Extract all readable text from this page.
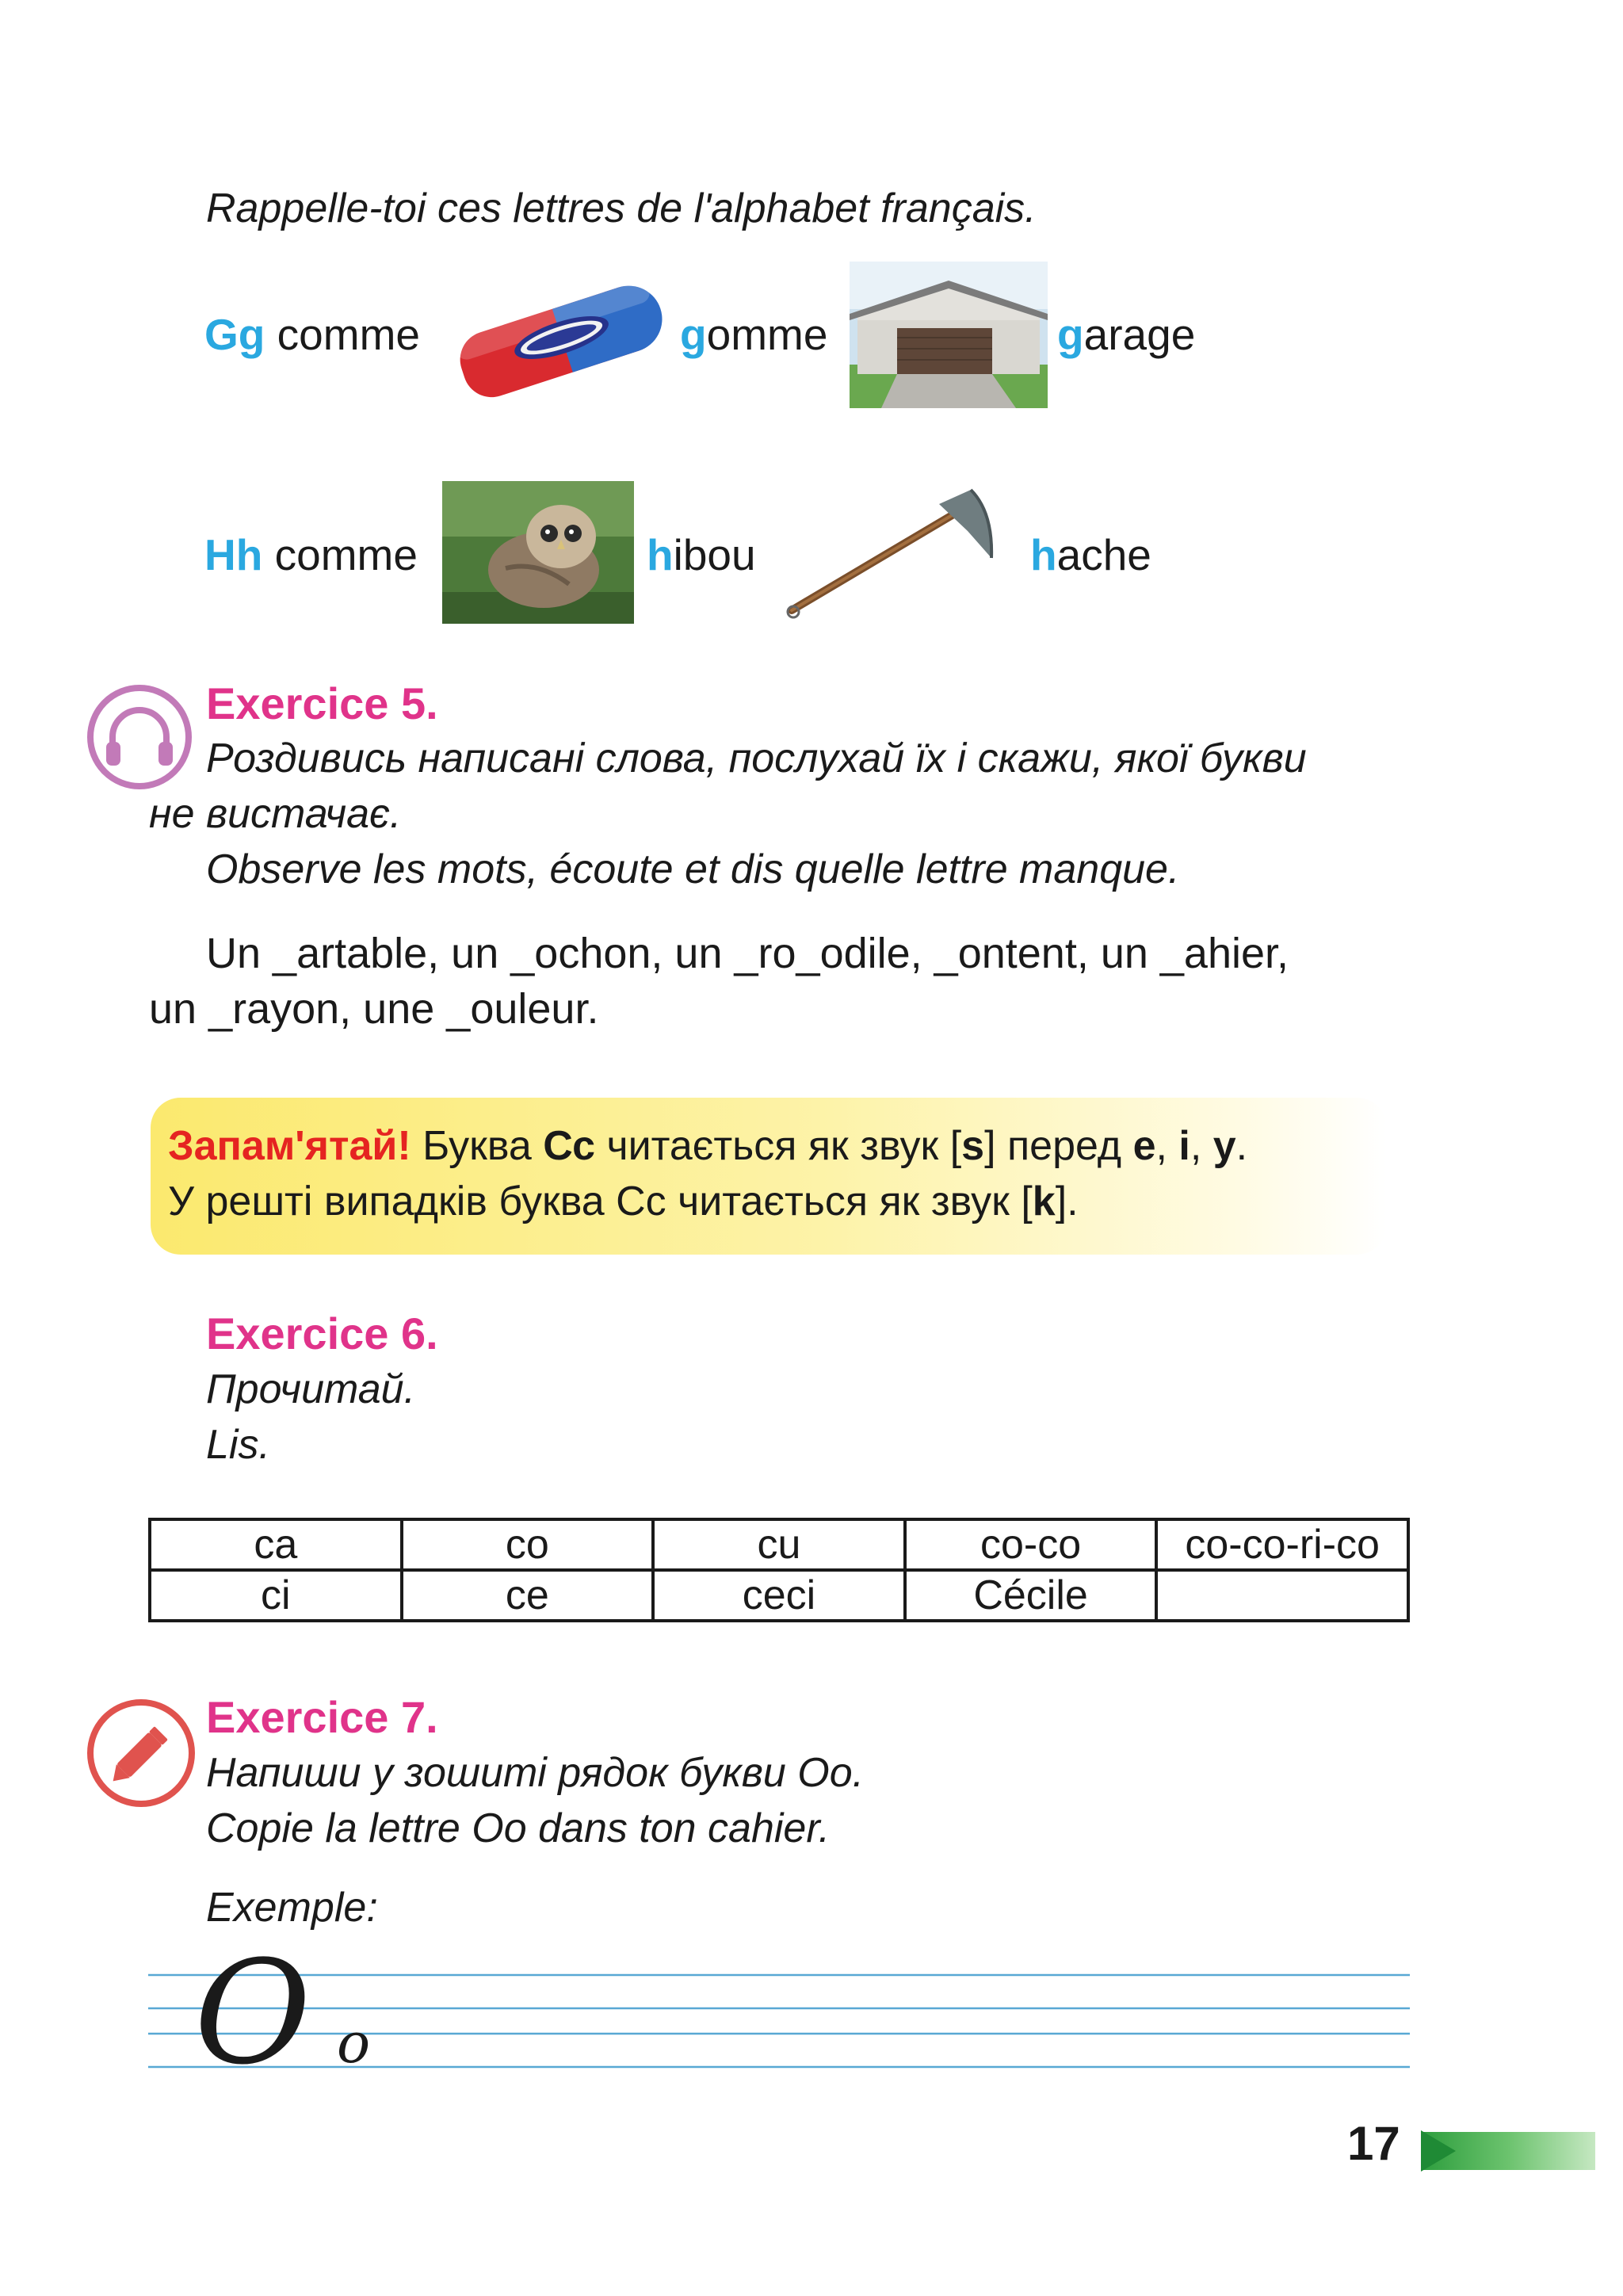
Rappelle-toi ces lettres de l'alphabet français.
Gg comme	gomme	garage
Hh comme	hibou	hache
Exercice 5.
Роздивись написані слова, послухай їх і скажи, якої букви
не вистачає.
Observe les mots, écoute et dis quelle lettre manque.
Un _artable, un _ochon, un _ro_odile, _ontent, un _ahier,
un _rayon, une _ouleur.
Запам'ятай! Буква Сс читається як звук [s] перед e, i, y.
У решті випадків буква Сс читається як звук [k].
Exercice 6.
Прочитай.
Lis.
ca	co	cu	co-co	co-co-ri-co
ci	ce	ceci	Cécile	
Exercice 7.
Напиши у зошиті рядок букви Оо.
Copie la lettre Oo dans ton cahier.
Exemple:
O o
17
